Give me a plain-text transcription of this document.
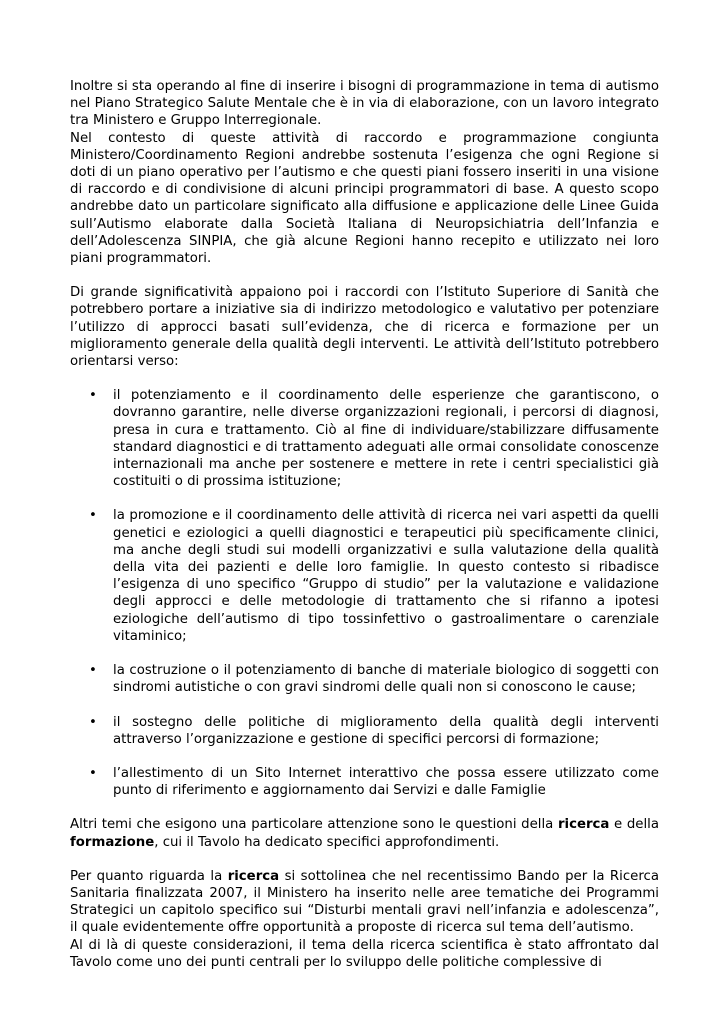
Inoltre si sta operando al fine di inserire i bisogni di programmazione in tema di autismo nel Piano Strategico Salute Mentale che è in via di elaborazione, con un lavoro integrato tra Ministero e Gruppo Interregionale.

Nel contesto di queste attività di raccordo e programmazione congiunta Ministero/Coordinamento Regioni andrebbe sostenuta l’esigenza che ogni Regione si doti di un piano operativo per l’autismo e che questi piani fossero inseriti in una visione di raccordo e di condivisione di alcuni principi programmatori di base. A questo scopo andrebbe dato un particolare significato alla diffusione e applicazione delle Linee Guida sull’Autismo elaborate dalla Società Italiana di Neuropsichiatria dell’Infanzia e dell’Adolescenza SINPIA, che già alcune Regioni hanno recepito e utilizzato nei loro piani programmatori.

Di grande significatività appaiono poi i raccordi con l’Istituto Superiore di Sanità che potrebbero portare a iniziative sia di indirizzo metodologico e valutativo per potenziare l’utilizzo di approcci basati sull’evidenza, che di ricerca e formazione per un miglioramento generale della qualità degli interventi. Le attività dell’Istituto potrebbero orientarsi verso:

• il potenziamento e il coordinamento delle esperienze che garantiscono, o dovranno garantire, nelle diverse organizzazioni regionali, i percorsi di diagnosi, presa in cura e trattamento. Ciò al fine di individuare/stabilizzare diffusamente standard diagnostici e di trattamento adeguati alle ormai consolidate conoscenze internazionali ma anche per sostenere e mettere in rete i centri specialistici già costituiti o di prossima istituzione;
• la promozione e il coordinamento delle attività di ricerca nei vari aspetti da quelli genetici e eziologici a quelli diagnostici e terapeutici più specificamente clinici, ma anche degli studi sui modelli organizzativi e sulla valutazione della qualità della vita dei pazienti e delle loro famiglie. In questo contesto si ribadisce l’esigenza di uno specifico “Gruppo di studio” per la valutazione e validazione degli approcci e delle metodologie di trattamento che si rifanno a ipotesi eziologiche dell’autismo di tipo tossinfettivo o gastroalimentare o carenziale vitaminico;
• la costruzione o il potenziamento di banche di materiale biologico di soggetti con sindromi autistiche o con gravi sindromi delle quali non si conoscono le cause;
• il sostegno delle politiche di miglioramento della qualità degli interventi attraverso l’organizzazione e gestione di specifici percorsi di formazione;
• l’allestimento di un Sito Internet interattivo che possa essere utilizzato come punto di riferimento e aggiornamento dai Servizi e dalle Famiglie

Altri temi che esigono una particolare attenzione sono le questioni della ricerca e della formazione, cui il Tavolo ha dedicato specifici approfondimenti.

Per quanto riguarda la ricerca si sottolinea che nel recentissimo Bando per la Ricerca Sanitaria finalizzata 2007, il Ministero ha inserito nelle aree tematiche dei Programmi Strategici un capitolo specifico sui “Disturbi mentali gravi nell’infanzia e adolescenza”, il quale evidentemente offre opportunità a proposte di ricerca sul tema dell’autismo.

Al di là di queste considerazioni, il tema della ricerca scientifica è stato affrontato dal Tavolo come uno dei punti centrali per lo sviluppo delle politiche complessive di
